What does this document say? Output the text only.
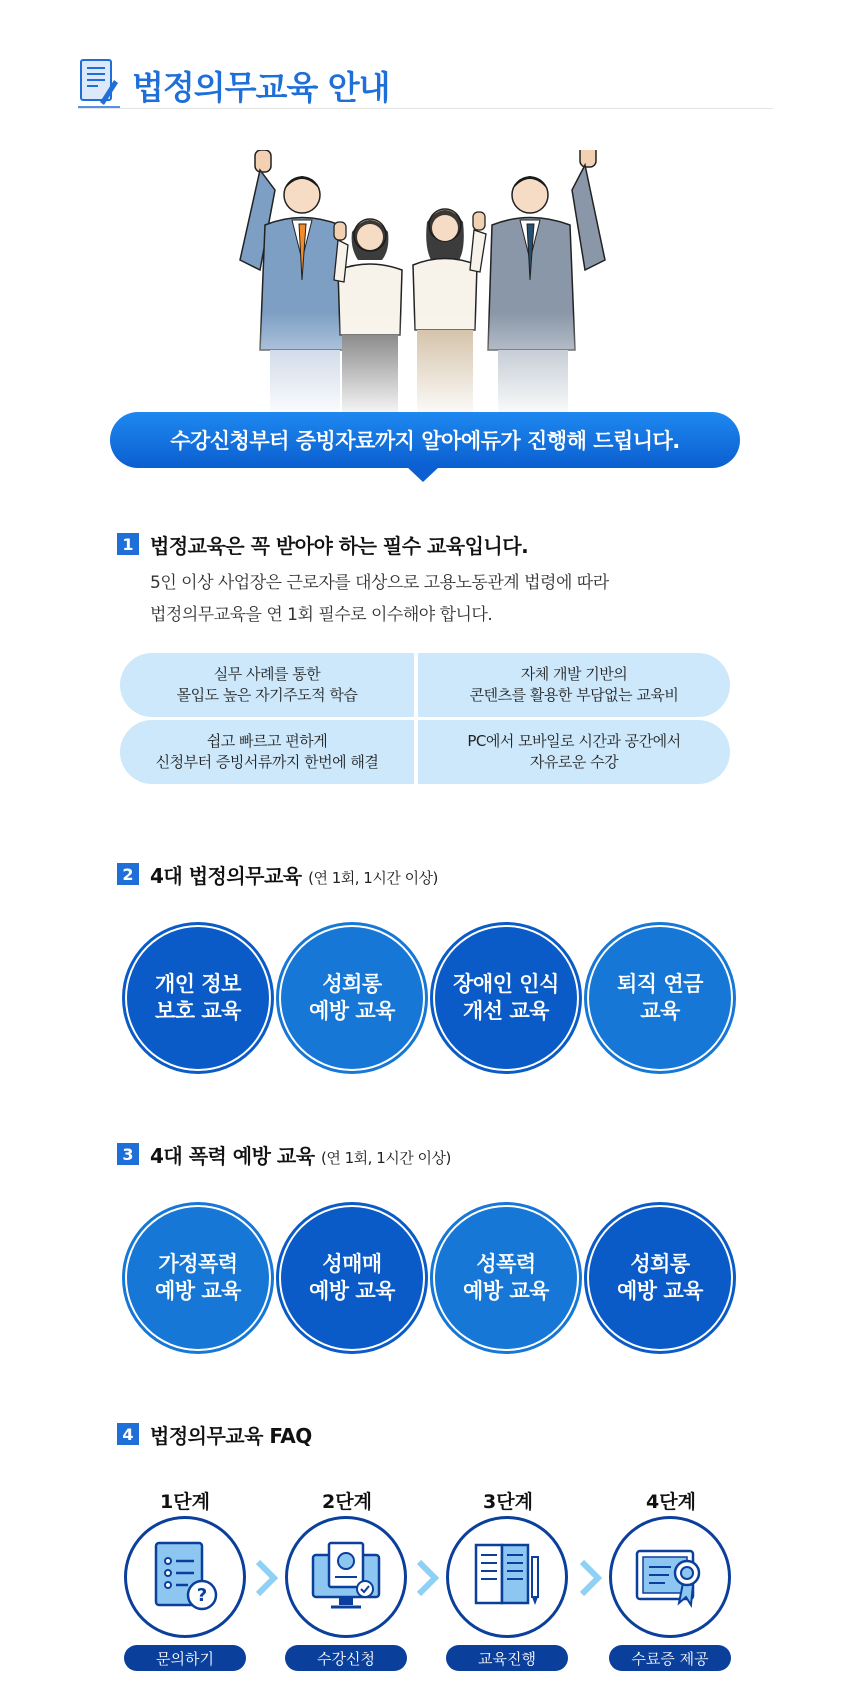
법정의무교육 안내
수강신청부터 증빙자료까지 알아에듀가 진행해 드립니다.
1 법정교육은 꼭 받아야 하는 필수 교육입니다.
5인 이상 사업장은 근로자를 대상으로 고용노동관계 법령에 따라
법정의무교육을 연 1회 필수로 이수해야 합니다.
실무 사례를 통한
몰입도 높은 자기주도적 학습
자체 개발 기반의
콘텐츠를 활용한 부담없는 교육비
쉽고 빠르고 편하게
신청부터 증빙서류까지 한번에 해결
PC에서 모바일로 시간과 공간에서
자유로운 수강
2 4대 법정의무교육 (연 1회, 1시간 이상)
개인 정보
보호 교육
성희롱
예방 교육
장애인 인식
개선 교육
퇴직 연금
교육
3 4대 폭력 예방 교육 (연 1회, 1시간 이상)
가정폭력
예방 교육
성매매
예방 교육
성폭력
예방 교육
성희롱
예방 교육
4 법정의무교육 FAQ
1단계	2단계	3단계	4단계
?
문의하기	수강신청	교육진행	수료증 제공
